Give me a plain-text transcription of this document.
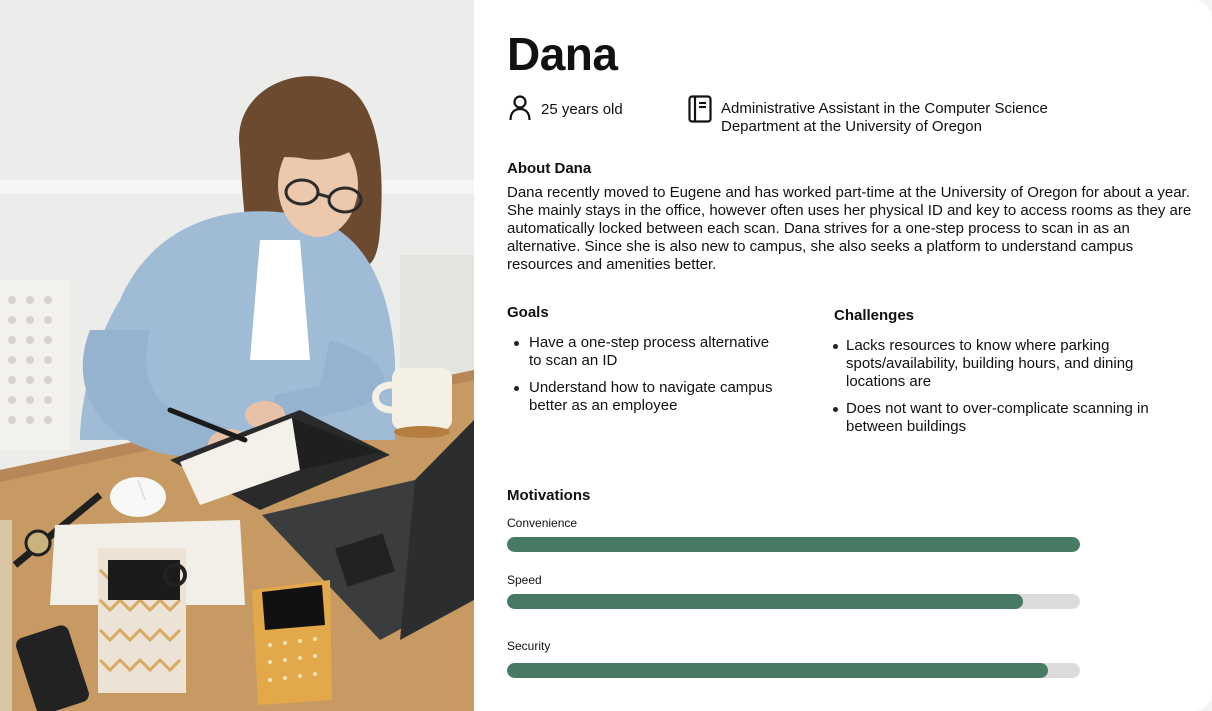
Dana
25 years old	Administrative Assistant in the Computer Science
Department at the University of Oregon
About Dana

Dana recently moved to Eugene and has worked part-time at the University of Oregon for about a year. She mainly stays in the office, however often uses her physical ID and key to access rooms as they are automatically locked between each scan. Dana strives for a one-step process to scan in as an alternative. Since she is also new to campus, she also seeks a platform to understand campus resources and amenities better.

Goals
Have a one-step process alternative to scan an ID
Understand how to navigate campus better as an employee
Challenges
Lacks resources to know where parking spots/availability, building hours, and dining locations are
Does not want to over-complicate scanning in between buildings
Motivations
Convenience
Speed
Security
